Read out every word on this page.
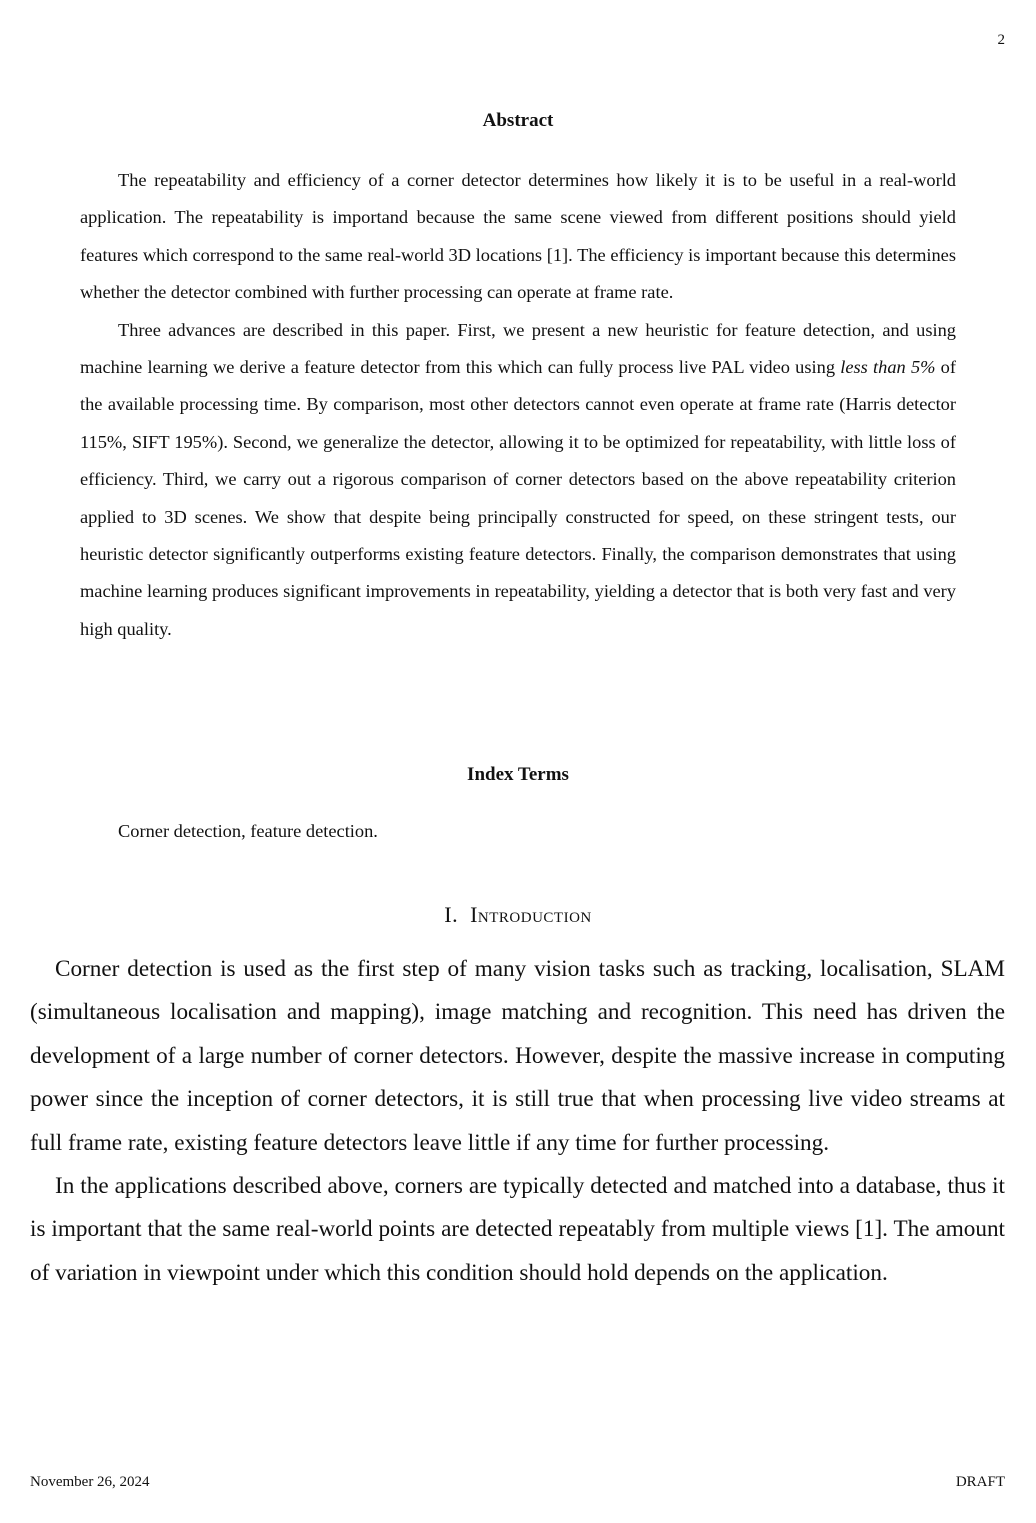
2
Abstract

The repeatability and efficiency of a corner detector determines how likely it is to be useful in a real-world application. The repeatability is importand because the same scene viewed from different positions should yield features which correspond to the same real-world 3D locations [1]. The efficiency is important because this determines whether the detector combined with further processing can operate at frame rate.

Three advances are described in this paper. First, we present a new heuristic for feature detection, and using machine learning we derive a feature detector from this which can fully process live PAL video using less than 5% of the available processing time. By comparison, most other detectors cannot even operate at frame rate (Harris detector 115%, SIFT 195%). Second, we generalize the detector, allowing it to be optimized for repeatability, with little loss of efficiency. Third, we carry out a rigorous comparison of corner detectors based on the above repeatability criterion applied to 3D scenes. We show that despite being principally constructed for speed, on these stringent tests, our heuristic detector significantly outperforms existing feature detectors. Finally, the comparison demonstrates that using machine learning produces significant improvements in repeatability, yielding a detector that is both very fast and very high quality.

Index Terms
Corner detection, feature detection.
I. Introduction

Corner detection is used as the first step of many vision tasks such as tracking, localisation, SLAM (simultaneous localisation and mapping), image matching and recognition. This need has driven the development of a large number of corner detectors. However, despite the massive increase in computing power since the inception of corner detectors, it is still true that when processing live video streams at full frame rate, existing feature detectors leave little if any time for further processing.

In the applications described above, corners are typically detected and matched into a database, thus it is important that the same real-world points are detected repeatably from multiple views [1]. The amount of variation in viewpoint under which this condition should hold depends on the application.

November 26, 2024	DRAFT
